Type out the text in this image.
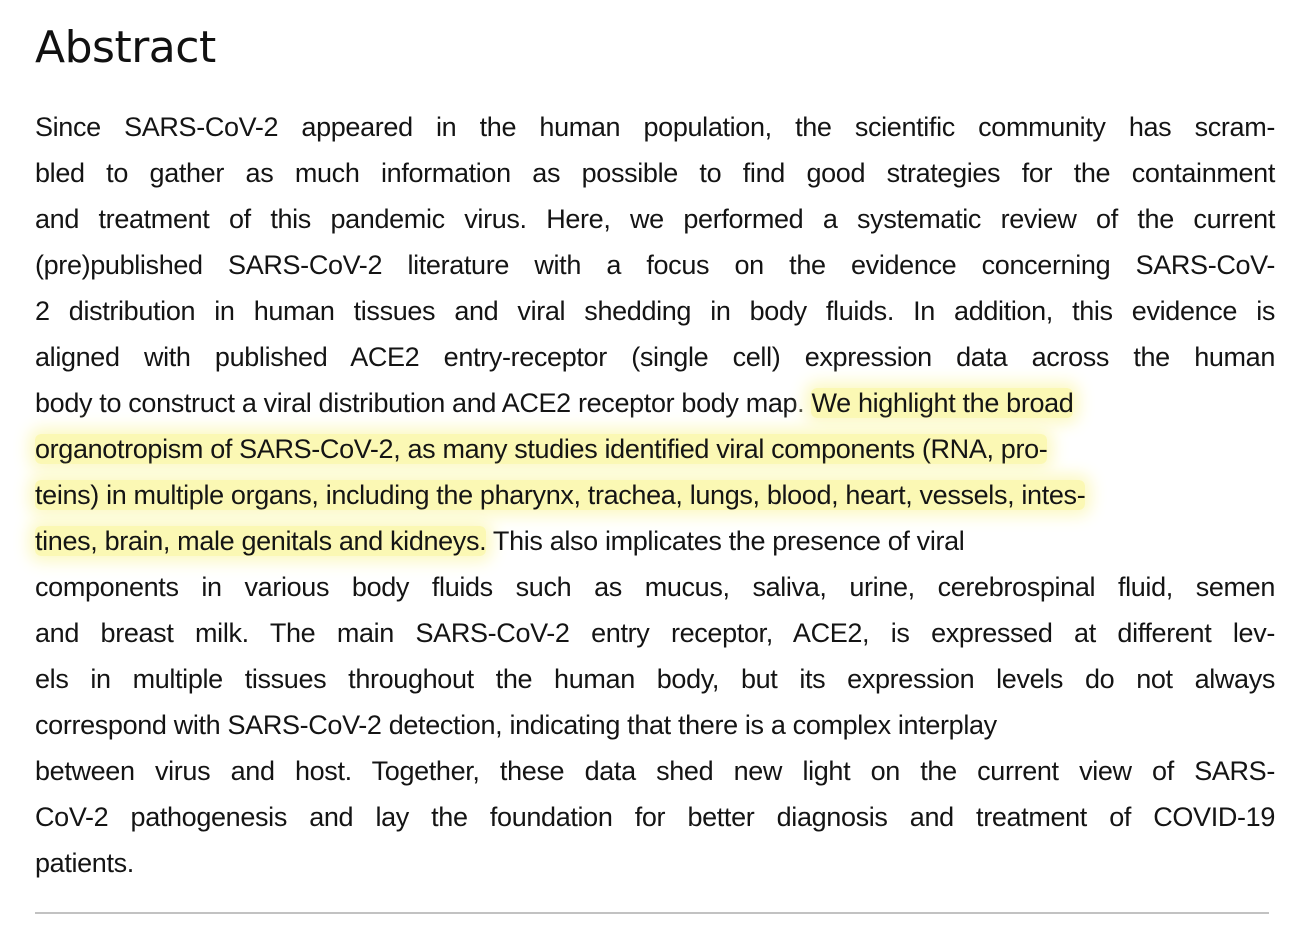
Abstract
Since SARS-CoV-2 appeared in the human population, the scientific community has scram-
bled to gather as much information as possible to find good strategies for the containment
and treatment of this pandemic virus. Here, we performed a systematic review of the current
(pre)published SARS-CoV-2 literature with a focus on the evidence concerning SARS-CoV-
2 distribution in human tissues and viral shedding in body fluids. In addition, this evidence is
aligned with published ACE2 entry-receptor (single cell) expression data across the human
body to construct a viral distribution and ACE2 receptor body map. We highlight the broad
organotropism of SARS-CoV-2, as many studies identified viral components (RNA, pro-
teins) in multiple organs, including the pharynx, trachea, lungs, blood, heart, vessels, intes-
tines, brain, male genitals and kidneys. This also implicates the presence of viral
components in various body fluids such as mucus, saliva, urine, cerebrospinal fluid, semen
and breast milk. The main SARS-CoV-2 entry receptor, ACE2, is expressed at different lev-
els in multiple tissues throughout the human body, but its expression levels do not always
correspond with SARS-CoV-2 detection, indicating that there is a complex interplay
between virus and host. Together, these data shed new light on the current view of SARS-
CoV-2 pathogenesis and lay the foundation for better diagnosis and treatment of COVID-19
patients.
